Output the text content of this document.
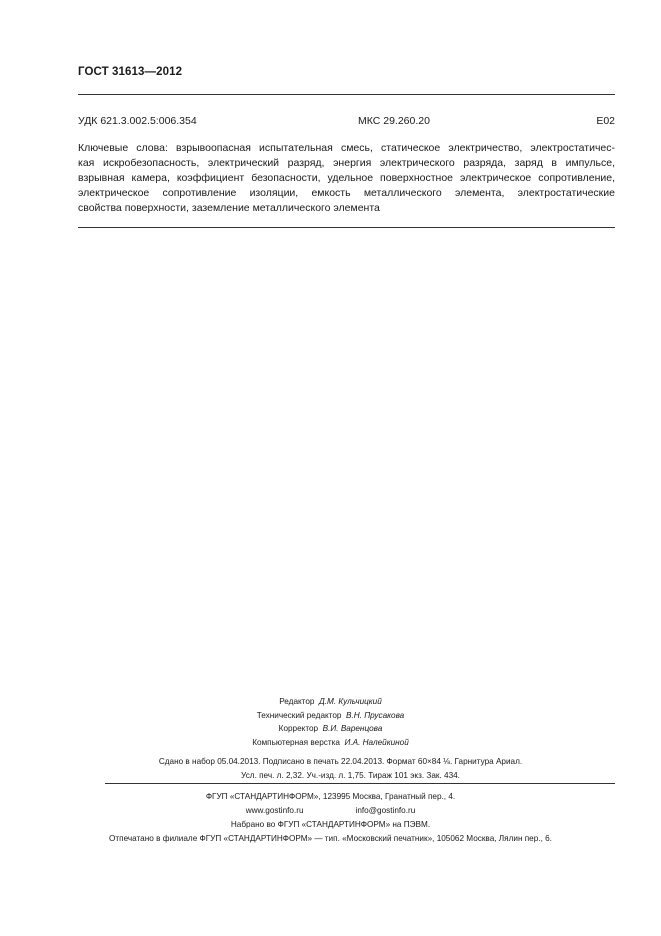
ГОСТ 31613—2012
УДК 621.3.002.5:006.354	МКС 29.260.20	Е02
Ключевые слова: взрывоопасная испытательная смесь, статическое электричество, электростатичес-
кая искробезопасность, электрический разряд, энергия электрического разряда, заряд в импульсе,
взрывная камера, коэффициент безопасности, удельное поверхностное электрическое сопротивление,
электрическое сопротивление изоляции, емкость металлического элемента, электростатические
свойства поверхности, заземление металлического элемента
Редактор Д.М. Кульчицкий
Технический редактор В.Н. Прусакова
Корректор В.И. Варенцова
Компьютерная верстка И.А. Налейкиной
Сдано в набор 05.04.2013. Подписано в печать 22.04.2013. Формат 60×84 ⅛. Гарнитура Ариал.
Усл. печ. л. 2,32. Уч.-изд. л. 1,75. Тираж 101 экз. Зак. 434.
ФГУП «СТАНДАРТИНФОРМ», 123995 Москва, Гранатный пер., 4.
www.gostinfo.ru	info@gostinfo.ru
Набрано во ФГУП «СТАНДАРТИНФОРМ» на ПЭВМ.
Отпечатано в филиале ФГУП «СТАНДАРТИНФОРМ» — тип. «Московский печатник», 105062 Москва, Лялин пер., 6.
